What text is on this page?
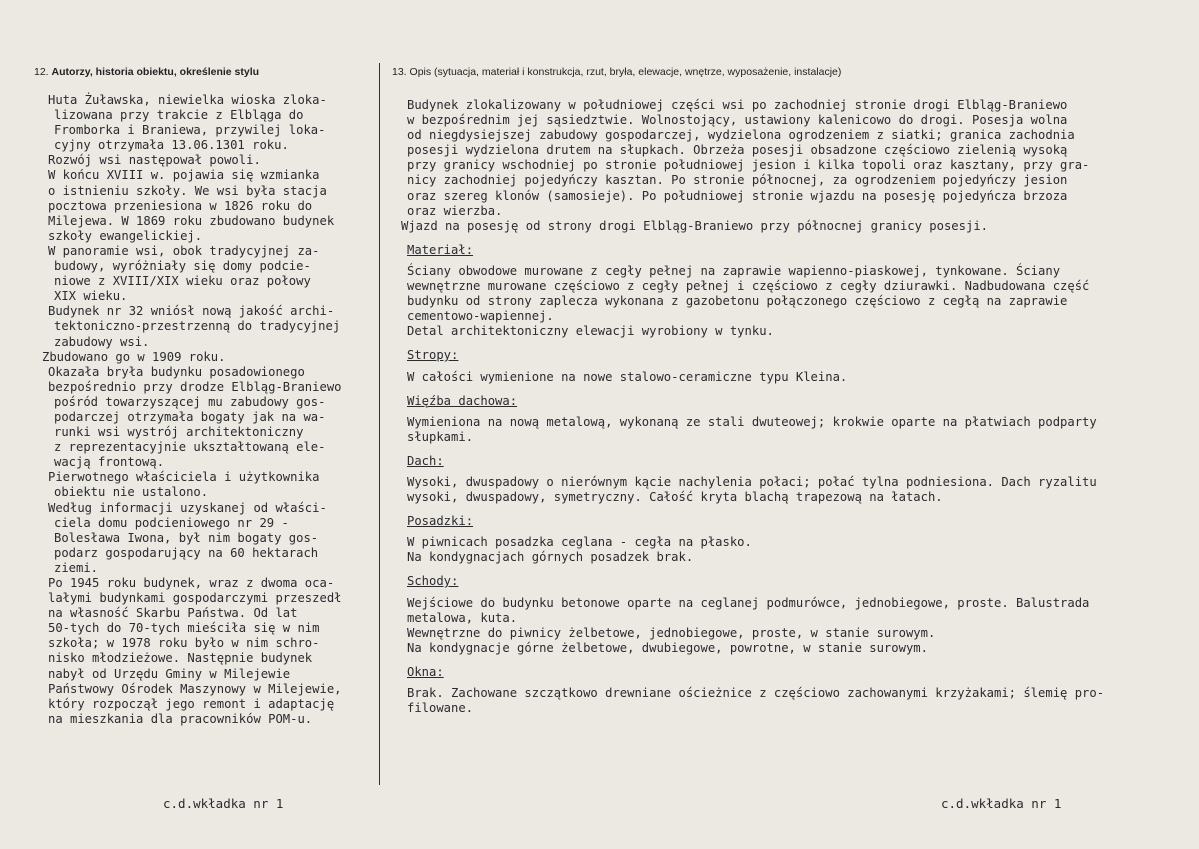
12. Autorzy, historia obiektu, określenie stylu	13. Opis (sytuacja, materiał i konstrukcja, rzut, bryła, elewacje, wnętrze, wyposażenie, instalacje)

Huta Żuławska, niewielka wioska zloka-

lizowana przy trakcie z Elbląga do

Fromborka i Braniewa, przywilej loka-

cyjny otrzymała 13.06.1301 roku.

Rozwój wsi następował powoli.

W końcu XVIII w. pojawia się wzmianka

o istnieniu szkoły. We wsi była stacja

pocztowa przeniesiona w 1826 roku do

Milejewa. W 1869 roku zbudowano budynek

szkoły ewangelickiej.

W panoramie wsi, obok tradycyjnej za-

budowy, wyróżniały się domy podcie-

niowe z XVIII/XIX wieku oraz połowy

XIX wieku.

Budynek nr 32 wniósł nową jakość archi-

tektoniczno-przestrzenną do tradycyjnej

zabudowy wsi.

Zbudowano go w 1909 roku.

Okazała bryła budynku posadowionego

bezpośrednio przy drodze Elbląg-Braniewo

pośród towarzyszącej mu zabudowy gos-

podarczej otrzymała bogaty jak na wa-

runki wsi wystrój architektoniczny

z reprezentacyjnie ukształtowaną ele-

wacją frontową.

Pierwotnego właściciela i użytkownika

obiektu nie ustalono.

Według informacji uzyskanej od właści-

ciela domu podcieniowego nr 29 -

Bolesława Iwona, był nim bogaty gos-

podarz gospodarujący na 60 hektarach

ziemi.

Po 1945 roku budynek, wraz z dwoma oca-

lałymi budynkami gospodarczymi przeszedł

na własność Skarbu Państwa. Od lat

50-tych do 70-tych mieściła się w nim

szkoła; w 1978 roku było w nim schro-

nisko młodzieżowe. Następnie budynek

nabył od Urzędu Gminy w Milejewie

Państwowy Ośrodek Maszynowy w Milejewie,

który rozpoczął jego remont i adaptację

na mieszkania dla pracowników POM-u.

Budynek zlokalizowany w południowej części wsi po zachodniej stronie drogi Elbląg-Braniewo

w bezpośrednim jej sąsiedztwie. Wolnostojący, ustawiony kalenicowo do drogi. Posesja wolna

od niegdysiejszej zabudowy gospodarczej, wydzielona ogrodzeniem z siatki; granica zachodnia

posesji wydzielona drutem na słupkach. Obrzeża posesji obsadzone częściowo zielenią wysoką

przy granicy wschodniej po stronie południowej jesion i kilka topoli oraz kasztany, przy gra-

nicy zachodniej pojedyńczy kasztan. Po stronie północnej, za ogrodzeniem pojedyńczy jesion

oraz szereg klonów (samosieje). Po południowej stronie wjazdu na posesję pojedyńcza brzoza

oraz wierzba.

Wjazd na posesję od strony drogi Elbląg-Braniewo przy północnej granicy posesji.

Materiał:

Ściany obwodowe murowane z cegły pełnej na zaprawie wapienno-piaskowej, tynkowane. Ściany

wewnętrzne murowane częściowo z cegły pełnej i częściowo z cegły dziurawki. Nadbudowana część

budynku od strony zaplecza wykonana z gazobetonu połączonego częściowo z cegłą na zaprawie

cementowo-wapiennej.

Detal architektoniczny elewacji wyrobiony w tynku.

Stropy:

W całości wymienione na nowe stalowo-ceramiczne typu Kleina.

Więźba dachowa:

Wymieniona na nową metalową, wykonaną ze stali dwuteowej; krokwie oparte na płatwiach podparty

słupkami.

Dach:

Wysoki, dwuspadowy o nierównym kącie nachylenia połaci; połać tylna podniesiona. Dach ryzalitu

wysoki, dwuspadowy, symetryczny. Całość kryta blachą trapezową na łatach.

Posadzki:

W piwnicach posadzka ceglana - cegła na płasko.

Na kondygnacjach górnych posadzek brak.

Schody:

Wejściowe do budynku betonowe oparte na ceglanej podmurówce, jednobiegowe, proste. Balustrada

metalowa, kuta.

Wewnętrzne do piwnicy żelbetowe, jednobiegowe, proste, w stanie surowym.

Na kondygnacje górne żelbetowe, dwubiegowe, powrotne, w stanie surowym.

Okna:

Brak. Zachowane szczątkowo drewniane ościeżnice z częściowo zachowanymi krzyżakami; ślemię pro-

filowane.

c.d.wkładka nr 1	c.d.wkładka nr 1
